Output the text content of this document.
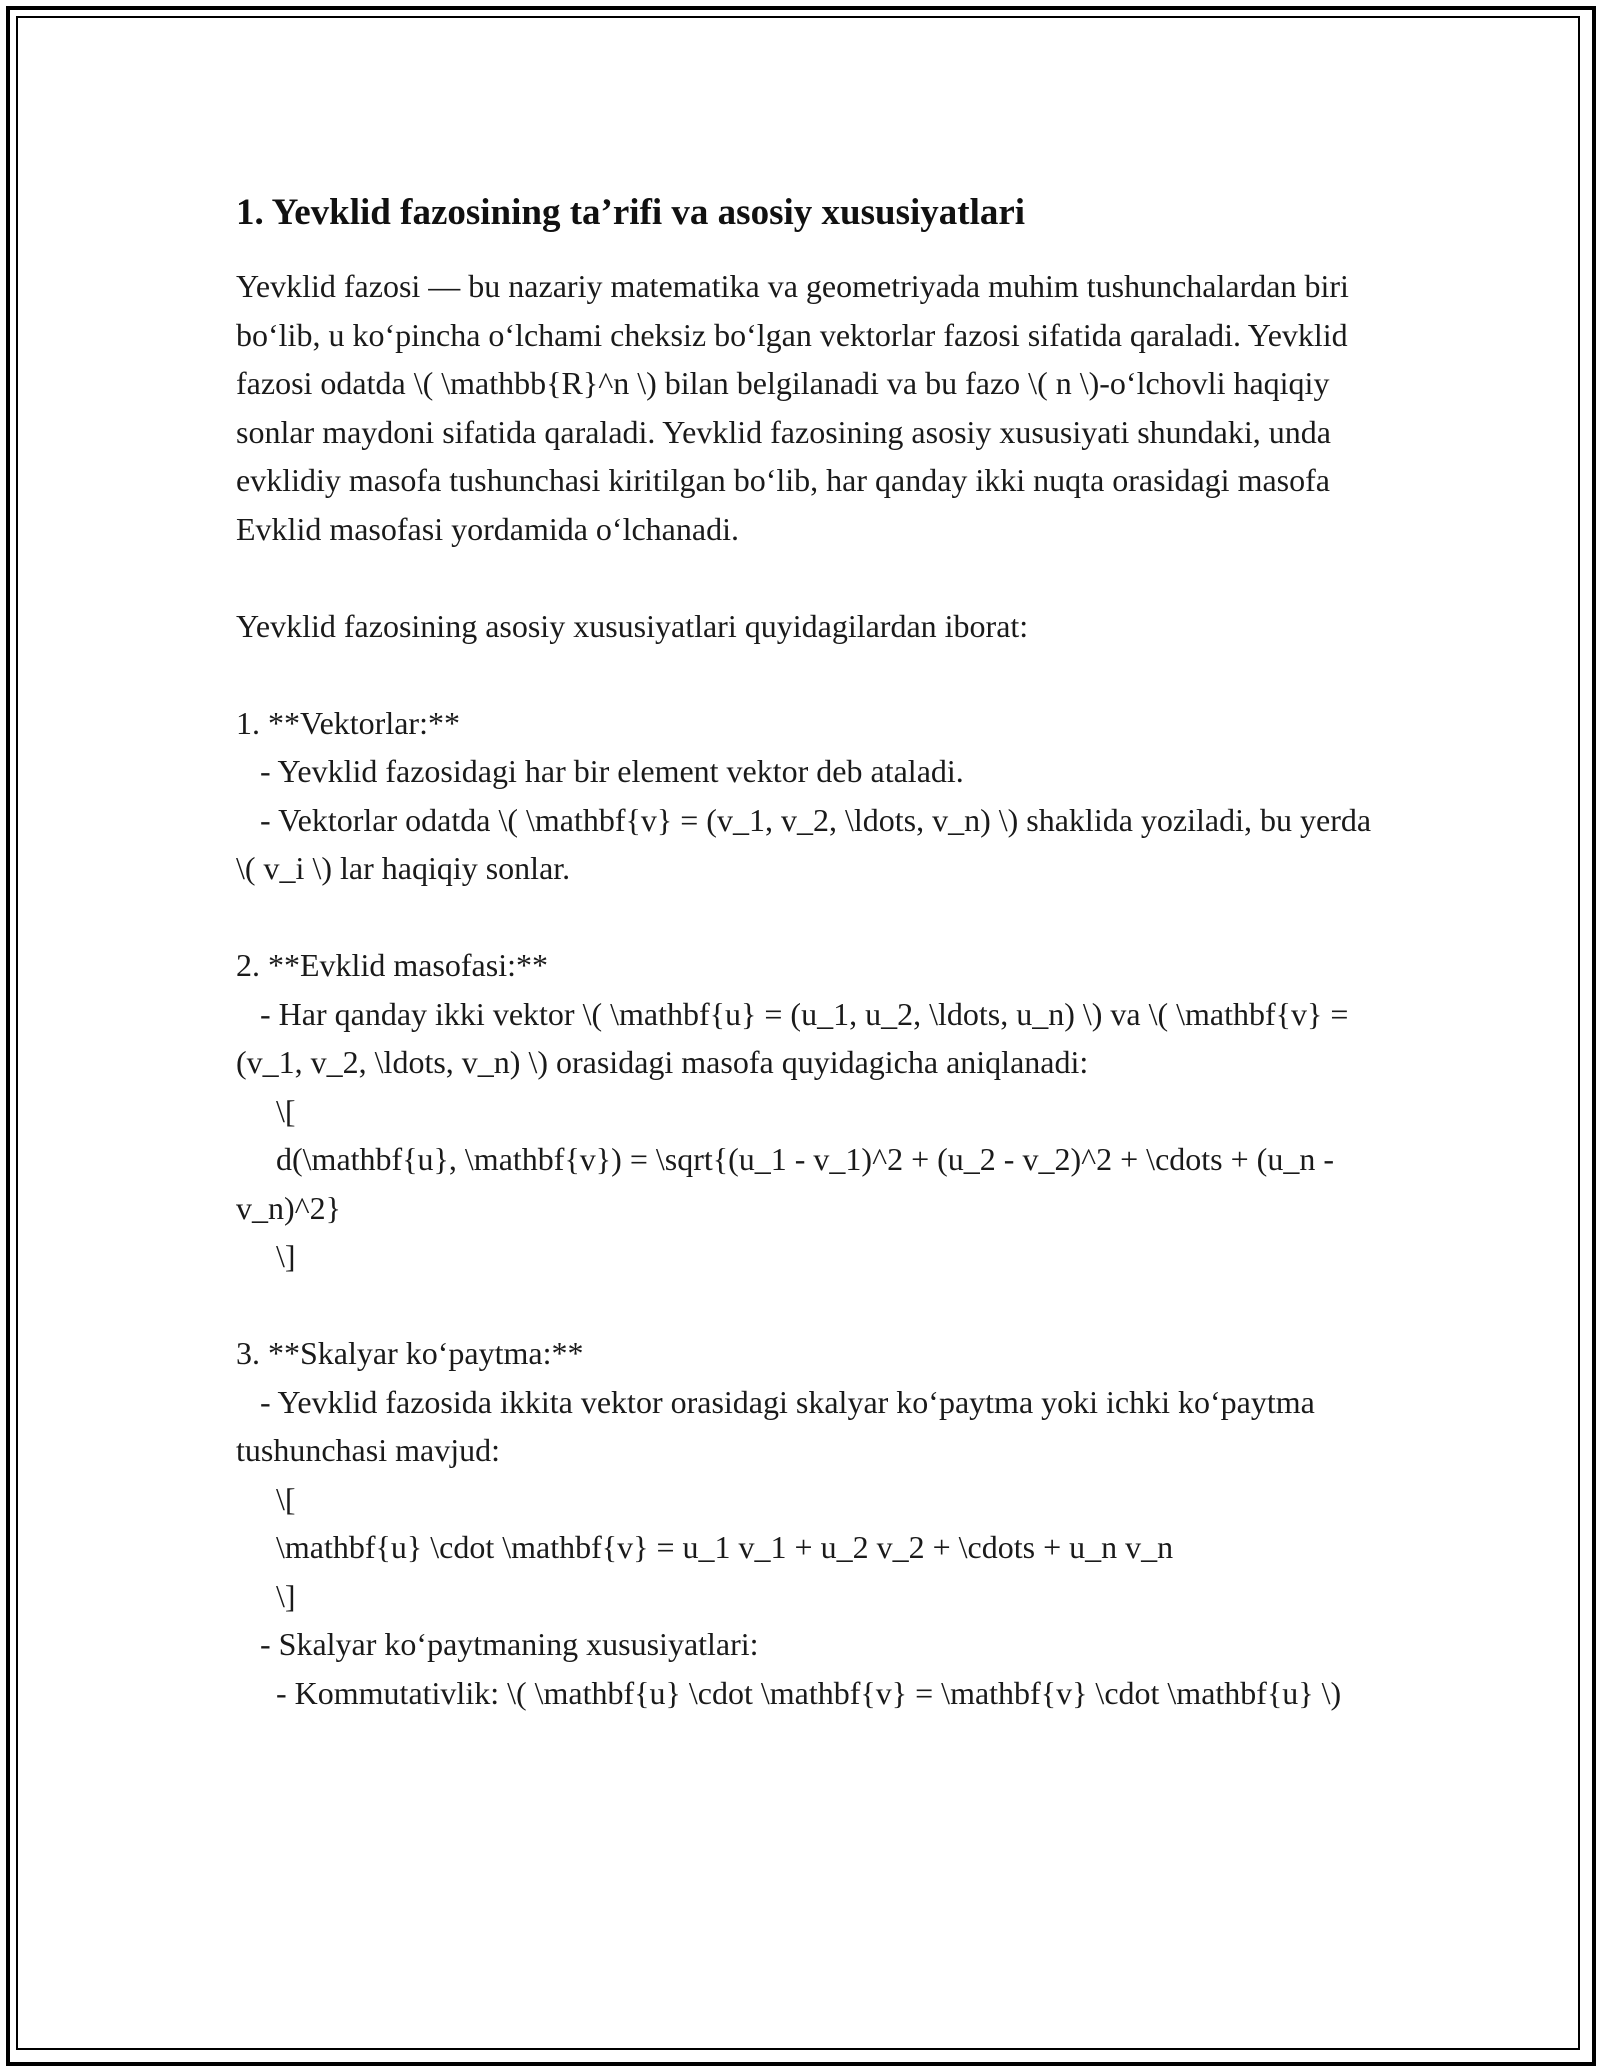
1. Yevklid fazosining ta’rifi va asosiy xususiyatlari

Yevklid fazosi — bu nazariy matematika va geometriyada muhim tushunchalardan biri bo‘lib, u ko‘pincha o‘lchami cheksiz bo‘lgan vektorlar fazosi sifatida qaraladi. Yevklid fazosi odatda \( \mathbb{R}^n \) bilan belgilanadi va bu fazo \( n \)-o‘lchovli haqiqiy sonlar maydoni sifatida qaraladi. Yevklid fazosining asosiy xususiyati shundaki, unda evklidiy masofa tushunchasi kiritilgan bo‘lib, har qanday ikki nuqta orasidagi masofa Evklid masofasi yordamida o‘lchanadi.

Yevklid fazosining asosiy xususiyatlari quyidagilardan iborat:

1. **Vektorlar:**

- Yevklid fazosidagi har bir element vektor deb ataladi.

- Vektorlar odatda \( \mathbf{v} = (v_1, v_2, \ldots, v_n) \) shaklida yoziladi, bu yerda \( v_i \) lar haqiqiy sonlar.

2. **Evklid masofasi:**

- Har qanday ikki vektor \( \mathbf{u} = (u_1, u_2, \ldots, u_n) \) va \( \mathbf{v} = (v_1, v_2, \ldots, v_n) \) orasidagi masofa quyidagicha aniqlanadi:

\[

d(\mathbf{u}, \mathbf{v}) = \sqrt{(u_1 - v_1)^2 + (u_2 - v_2)^2 + \cdots + (u_n - v_n)^2}

\]

3. **Skalyar ko‘paytma:**

- Yevklid fazosida ikkita vektor orasidagi skalyar ko‘paytma yoki ichki ko‘paytma tushunchasi mavjud:

\[

\mathbf{u} \cdot \mathbf{v} = u_1 v_1 + u_2 v_2 + \cdots + u_n v_n

\]

- Skalyar ko‘paytmaning xususiyatlari:

- Kommutativlik: \( \mathbf{u} \cdot \mathbf{v} = \mathbf{v} \cdot \mathbf{u} \)
